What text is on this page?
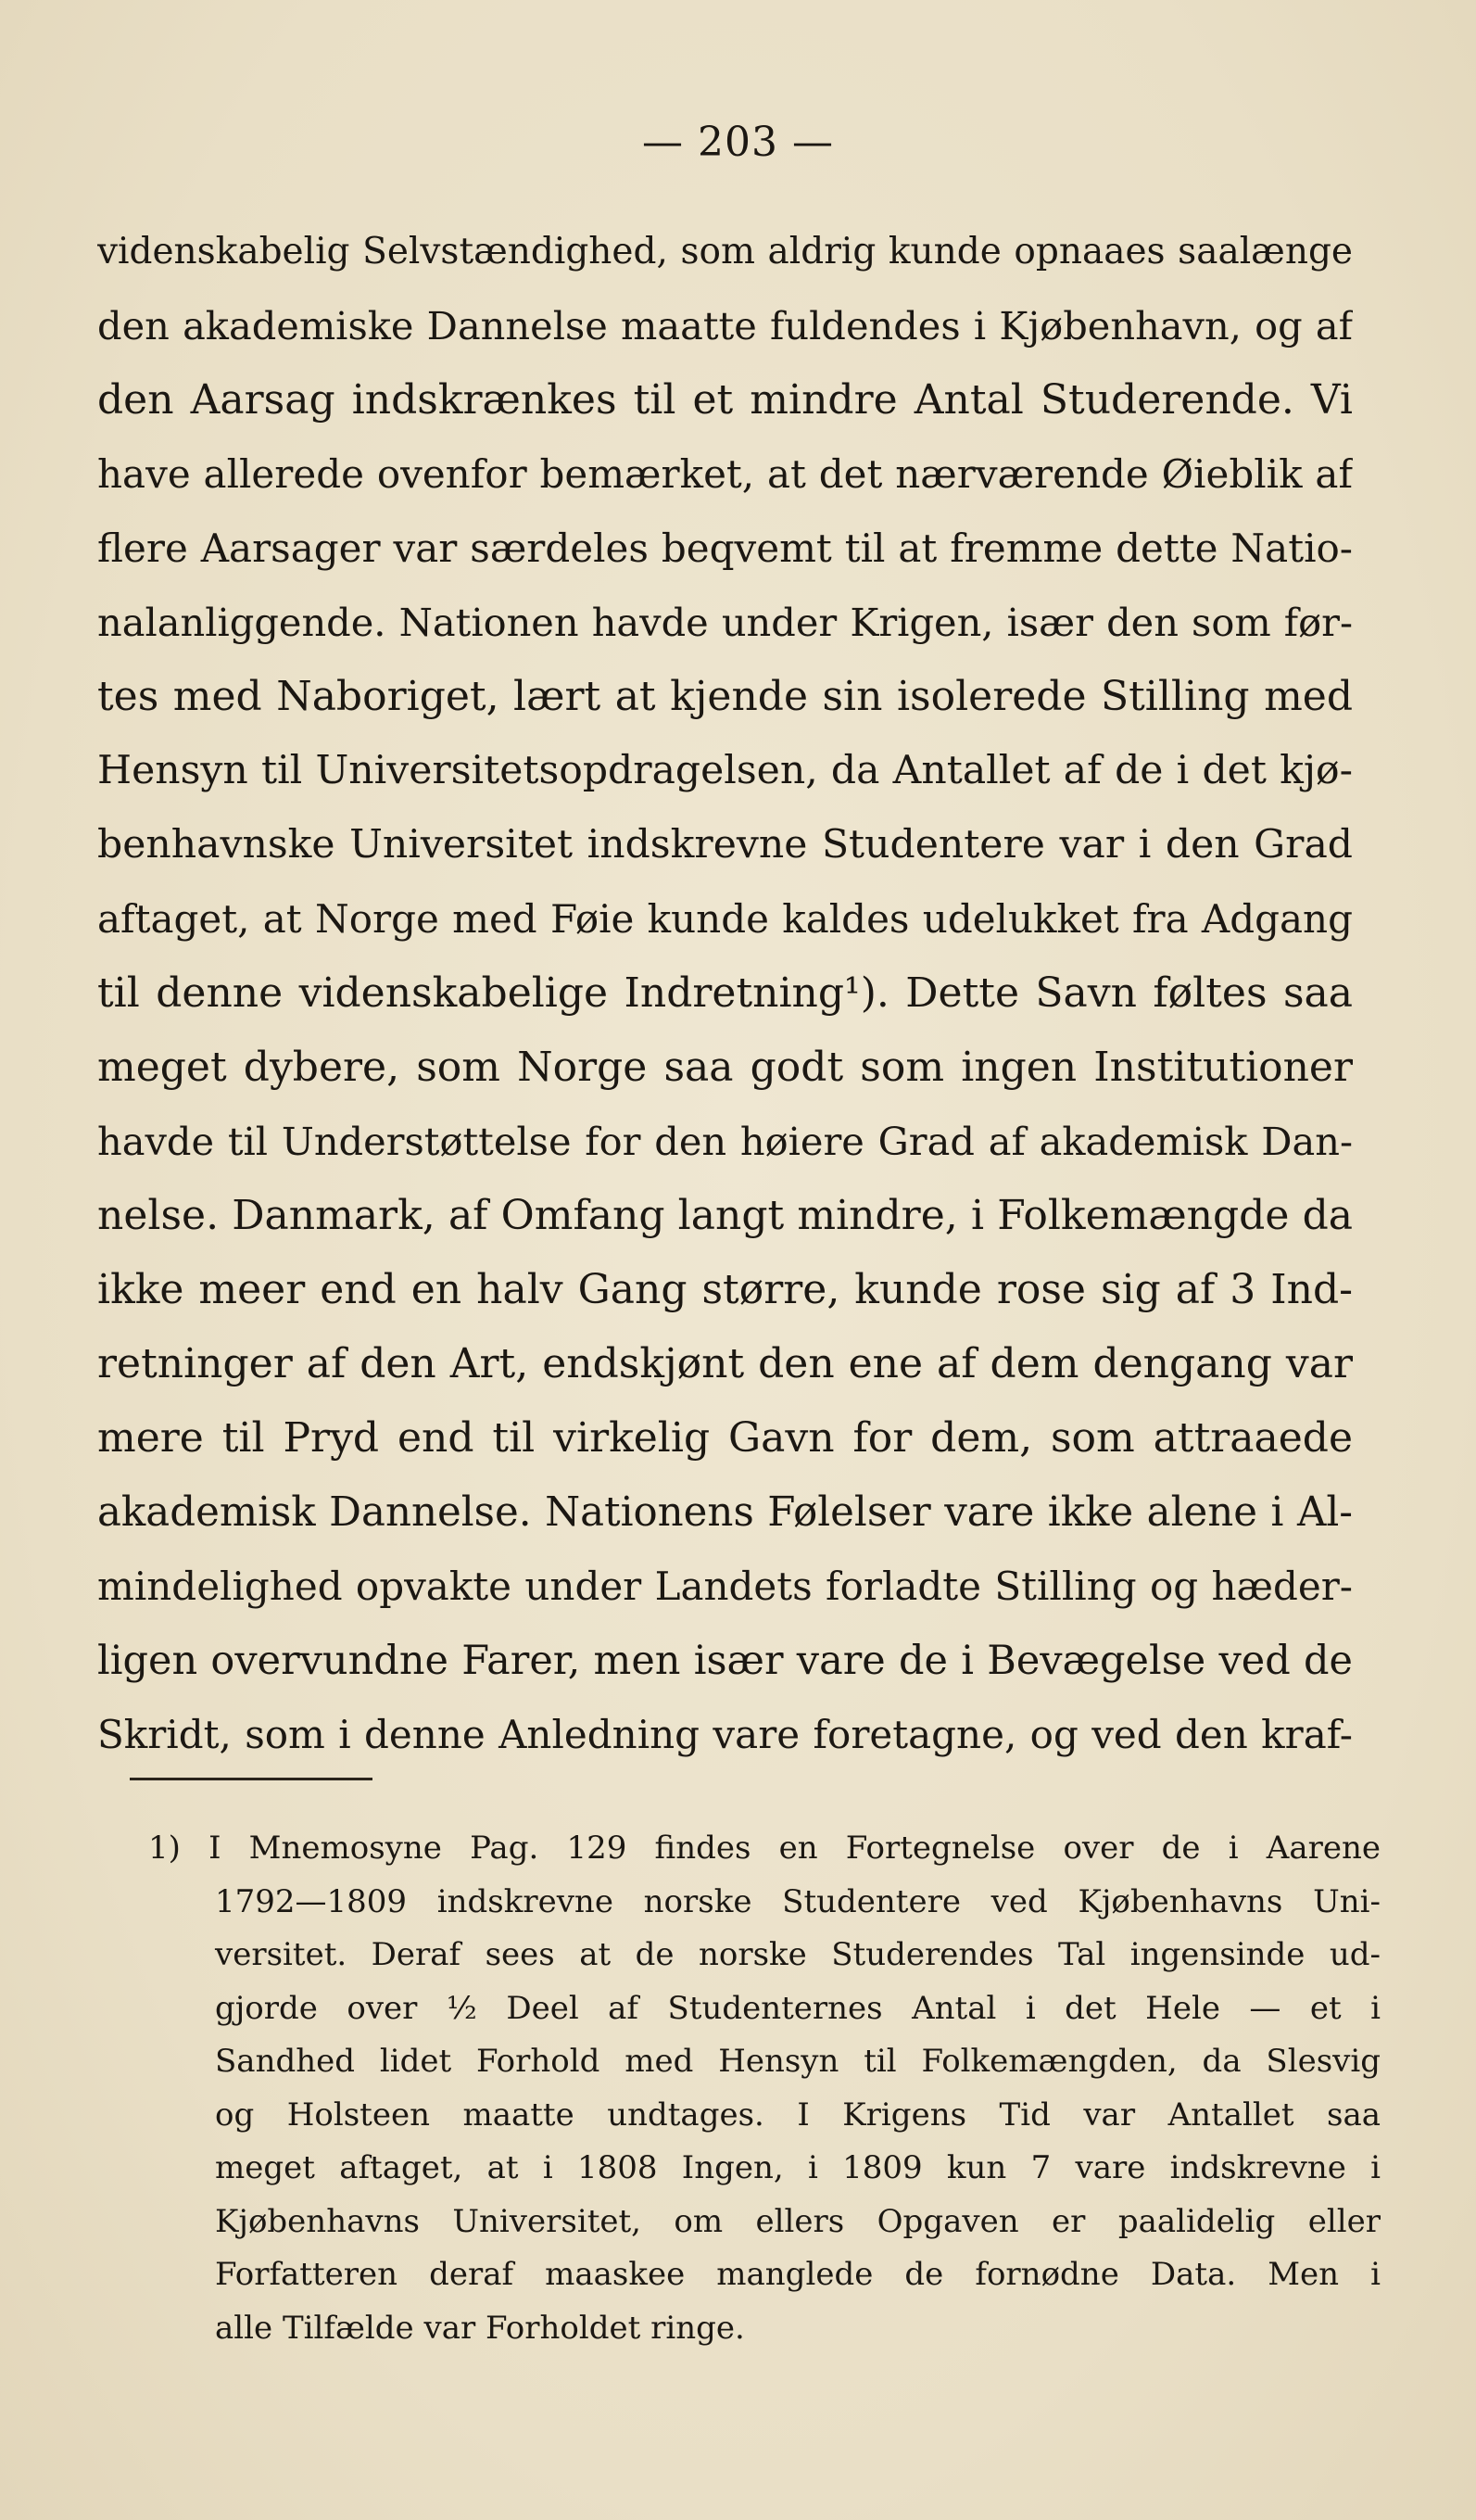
— 203 —
videnskabelig Selvstændighed, som aldrig kunde opnaaes saalænge
den akademiske Dannelse maatte fuldendes i Kjøbenhavn, og af
den Aarsag indskrænkes til et mindre Antal Studerende. Vi
have allerede ovenfor bemærket, at det nærværende Øieblik af
flere Aarsager var særdeles beqvemt til at fremme dette Natio-
nalanliggende. Nationen havde under Krigen, især den som før-
tes med Naboriget, lært at kjende sin isolerede Stilling med
Hensyn til Universitetsopdragelsen, da Antallet af de i det kjø-
benhavnske Universitet indskrevne Studentere var i den Grad
aftaget, at Norge med Føie kunde kaldes udelukket fra Adgang
til denne videnskabelige Indretning¹). Dette Savn føltes saa
meget dybere, som Norge saa godt som ingen Institutioner
havde til Understøttelse for den høiere Grad af akademisk Dan-
nelse. Danmark, af Omfang langt mindre, i Folkemængde da
ikke meer end en halv Gang større, kunde rose sig af 3 Ind-
retninger af den Art, endskjønt den ene af dem dengang var
mere til Pryd end til virkelig Gavn for dem, som attraaede
akademisk Dannelse. Nationens Følelser vare ikke alene i Al-
mindelighed opvakte under Landets forladte Stilling og hæder-
ligen overvundne Farer, men især vare de i Bevægelse ved de
Skridt, som i denne Anledning vare foretagne, og ved den kraf-
1) I Mnemosyne Pag. 129 findes en Fortegnelse over de i Aarene
1792—1809 indskrevne norske Studentere ved Kjøbenhavns Uni-
versitet. Deraf sees at de norske Studerendes Tal ingensinde ud-
gjorde over ½ Deel af Studenternes Antal i det Hele — et i
Sandhed lidet Forhold med Hensyn til Folkemængden, da Slesvig
og Holsteen maatte undtages. I Krigens Tid var Antallet saa
meget aftaget, at i 1808 Ingen, i 1809 kun 7 vare indskrevne i
Kjøbenhavns Universitet, om ellers Opgaven er paalidelig eller
Forfatteren deraf maaskee manglede de fornødne Data. Men i
alle Tilfælde var Forholdet ringe.
